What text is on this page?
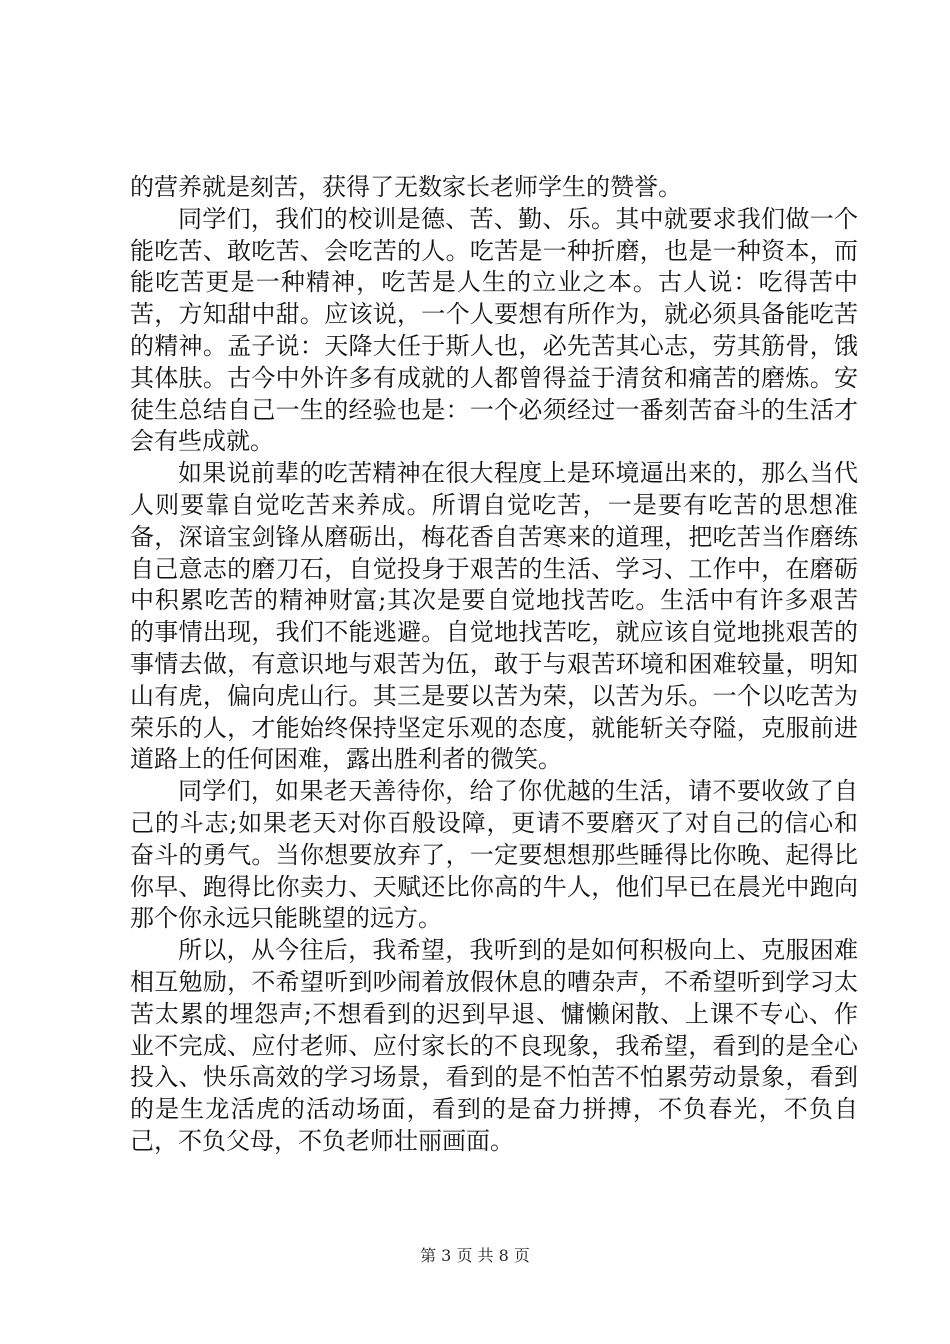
的营养就是刻苦，获得了无数家长老师学生的赞誉。

同学们，我们的校训是德、苦、勤、乐。其中就要求我们做一个能吃苦、敢吃苦、会吃苦的人。吃苦是一种折磨，也是一种资本，而能吃苦更是一种精神，吃苦是人生的立业之本。古人说：吃得苦中苦，方知甜中甜。应该说，一个人要想有所作为，就必须具备能吃苦的精神。孟子说：天降大任于斯人也，必先苦其心志，劳其筋骨，饿其体肤。古今中外许多有成就的人都曾得益于清贫和痛苦的磨炼。安徒生总结自己一生的经验也是：一个必须经过一番刻苦奋斗的生活才会有些成就。

如果说前辈的吃苦精神在很大程度上是环境逼出来的，那么当代人则要靠自觉吃苦来养成。所谓自觉吃苦，一是要有吃苦的思想准备，深谙宝剑锋从磨砺出，梅花香自苦寒来的道理，把吃苦当作磨练自己意志的磨刀石，自觉投身于艰苦的生活、学习、工作中，在磨砺中积累吃苦的精神财富;其次是要自觉地找苦吃。生活中有许多艰苦的事情出现，我们不能逃避。自觉地找苦吃，就应该自觉地挑艰苦的事情去做，有意识地与艰苦为伍，敢于与艰苦环境和困难较量，明知山有虎，偏向虎山行。其三是要以苦为荣，以苦为乐。一个以吃苦为荣乐的人，才能始终保持坚定乐观的态度，就能斩关夺隘，克服前进道路上的任何困难，露出胜利者的微笑。

同学们，如果老天善待你，给了你优越的生活，请不要收敛了自己的斗志;如果老天对你百般设障，更请不要磨灭了对自己的信心和奋斗的勇气。当你想要放弃了，一定要想想那些睡得比你晚、起得比你早、跑得比你卖力、天赋还比你高的牛人，他们早已在晨光中跑向那个你永远只能眺望的远方。

所以，从今往后，我希望，我听到的是如何积极向上、克服困难相互勉励，不希望听到吵闹着放假休息的嘈杂声，不希望听到学习太苦太累的埋怨声;不想看到的迟到早退、慵懒闲散、上课不专心、作业不完成、应付老师、应付家长的不良现象，我希望，看到的是全心投入、快乐高效的学习场景，看到的是不怕苦不怕累劳动景象，看到的是生龙活虎的活动场面，看到的是奋力拼搏，不负春光，不负自己，不负父母，不负老师壮丽画面。

第 3 页 共 8 页
